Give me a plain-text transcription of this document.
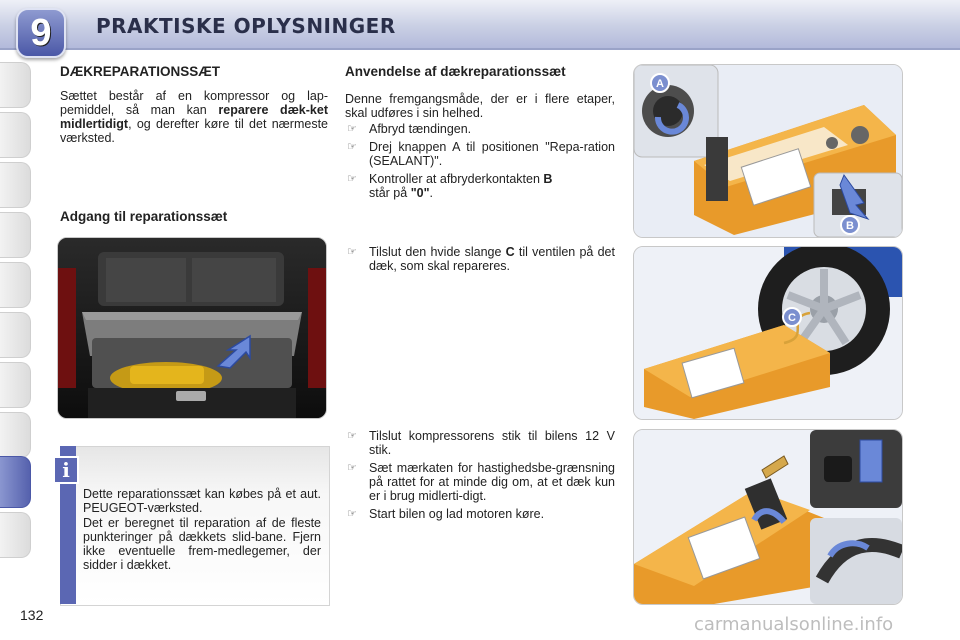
9	PRAKTISKE OPLYSNINGER
DÆKREPARATIONSSÆT

Sættet består af en kompressor og lap-pemiddel, så man kan reparere dæk-ket midlertidigt, og derefter køre til det nærmeste værksted.

Adgang til reparationssæt
i

Dette reparationssæt kan købes på et aut. PEUGEOT-værksted.

Det er beregnet til reparation af de fleste punkteringer på dækkets slid-bane. Fjern ikke eventuelle frem-medlegemer, der sidder i dækket.

132
Anvendelse af dækreparationssæt

Denne fremgangsmåde, der er i flere etaper, skal udføres i sin helhed.

☞ Afbryd tændingen.
☞ Drej knappen A til positionen "Repa-ration (SEALANT)".
☞ Kontroller at afbryderkontakten B
står på "0".
☞ Tilslut den hvide slange C til ventilen på det dæk, som skal repareres.
☞ Tilslut kompressorens stik til bilens 12 V stik.
☞ Sæt mærkaten for hastighedsbe-grænsning på rattet for at minde dig om, at et dæk kun er i brug midlerti-digt.
☞ Start bilen og lad motoren køre.
A
B
C
carmanualsonline.info
